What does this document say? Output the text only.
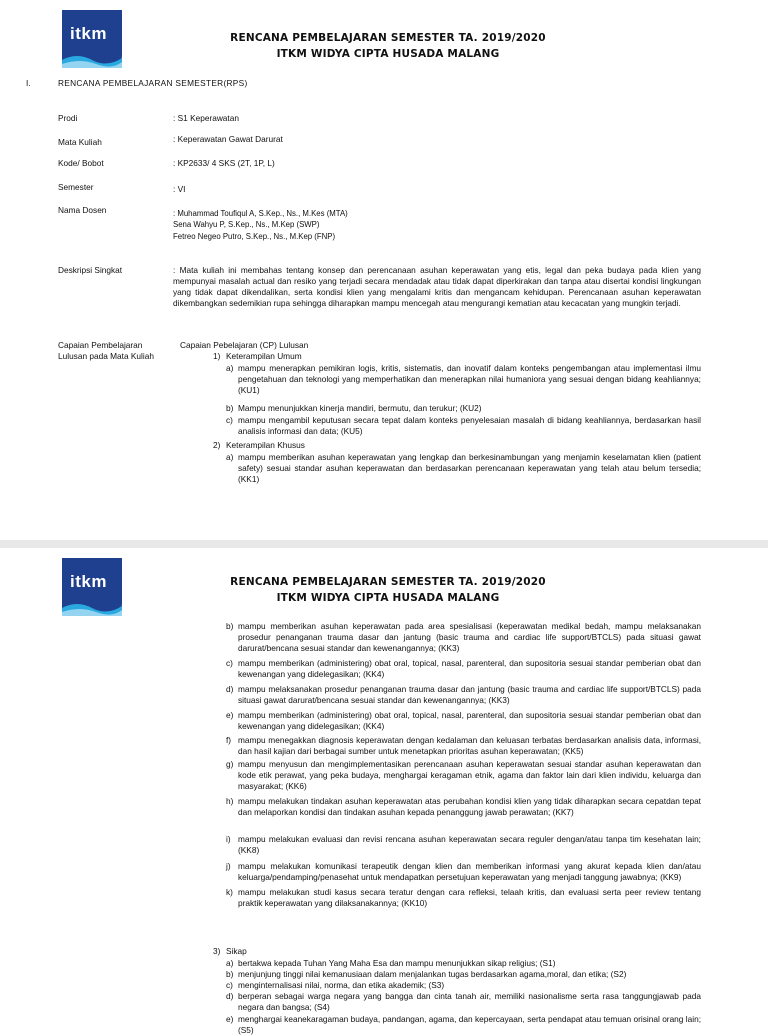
itkm	RENCANA PEMBELAJARAN SEMESTER TA. 2019/2020
ITKM WIDYA CIPTA HUSADA MALANG
I.	RENCANA PEMBELAJARAN SEMESTER(RPS)
Prodi	: S1 Keperawatan
Mata Kuliah	: Keperawatan Gawat Darurat
Kode/ Bobot	: KP2633/ 4 SKS (2T, 1P, L)
Semester	: VI
Nama Dosen	: Muhammad Toufiqul A, S.Kep., Ns., M.Kes (MTA)
Sena Wahyu P, S.Kep., Ns., M.Kep (SWP)
Fetreo Negeo Putro, S.Kep., Ns., M.Kep (FNP)
Deskripsi Singkat	: Mata kuliah ini membahas tentang konsep dan perencanaan asuhan keperawatan yang etis, legal dan peka budaya pada klien yang mempunyai masalah actual dan resiko yang terjadi secara mendadak atau tidak dapat diperkirakan dan tanpa atau disertai kondisi lingkungan yang tidak dapat dikendalikan, serta kondisi klien yang mengalami kritis dan mengancam kehidupan. Perencanaan asuhan keperawatan dikembangkan sedemikian rupa sehingga diharapkan mampu mencegah atau mengurangi kematian atau kecacatan yang mungkin terjadi.
Capaian Pembelajaran
Lulusan pada Mata Kuliah
Capaian Pebelajaran (CP) Lulusan
1) Keterampilan Umum
a) mampu menerapkan pemikiran logis, kritis, sistematis, dan inovatif dalam konteks pengembangan atau implementasi ilmu pengetahuan dan teknologi yang memperhatikan dan menerapkan nilai humaniora yang sesuai dengan bidang keahliannya; (KU1)
b) Mampu menunjukkan kinerja mandiri, bermutu, dan terukur; (KU2)
c) mampu mengambil keputusan secara tepat dalam konteks penyelesaian masalah di bidang keahliannya, berdasarkan hasil analisis informasi dan data; (KU5)
2) Keterampilan Khusus
a) mampu memberikan asuhan keperawatan yang lengkap dan berkesinambungan yang menjamin keselamatan klien (patient safety) sesuai standar asuhan keperawatan dan berdasarkan perencanaan keperawatan yang telah atau belum tersedia; (KK1)
itkm	RENCANA PEMBELAJARAN SEMESTER TA. 2019/2020
ITKM WIDYA CIPTA HUSADA MALANG
b) mampu memberikan asuhan keperawatan pada area spesialisasi (keperawatan medikal bedah, mampu melaksanakan prosedur penanganan trauma dasar dan jantung (basic trauma and cardiac life support/BTCLS) pada situasi gawat darurat/bencana sesuai standar dan kewenangannya; (KK3)
c) mampu memberikan (administering) obat oral, topical, nasal, parenteral, dan supositoria sesuai standar pemberian obat dan kewenangan yang didelegasikan; (KK4)
d) mampu melaksanakan prosedur penanganan trauma dasar dan jantung (basic trauma and cardiac life support/BTCLS) pada situasi gawat darurat/bencana sesuai standar dan kewenangannya; (KK3)
e) mampu memberikan (administering) obat oral, topical, nasal, parenteral, dan supositoria sesuai standar pemberian obat dan kewenangan yang didelegasikan; (KK4)
f) mampu menegakkan diagnosis keperawatan dengan kedalaman dan keluasan terbatas berdasarkan analisis data, informasi, dan hasil kajian dari berbagai sumber untuk menetapkan prioritas asuhan keperawatan; (KK5)
g) mampu menyusun dan mengimplementasikan perencanaan asuhan keperawatan sesuai standar asuhan keperawatan dan kode etik perawat, yang peka budaya, menghargai keragaman etnik, agama dan faktor lain dari klien individu, keluarga dan masyarakat; (KK6)
h) mampu melakukan tindakan asuhan keperawatan atas perubahan kondisi klien yang tidak diharapkan secara cepatdan tepat dan melaporkan kondisi dan tindakan asuhan kepada penanggung jawab perawatan; (KK7)
i) mampu melakukan evaluasi dan revisi rencana asuhan keperawatan secara reguler dengan/atau tanpa tim kesehatan lain; (KK8)
j) mampu melakukan komunikasi terapeutik dengan klien dan memberikan informasi yang akurat kepada klien dan/atau keluarga/pendamping/penasehat untuk mendapatkan persetujuan keperawatan yang menjadi tanggung jawabnya; (KK9)
k) mampu melakukan studi kasus secara teratur dengan cara refleksi, telaah kritis, dan evaluasi serta peer review tentang praktik keperawatan yang dilaksanakannya; (KK10)
3) Sikap
a) bertakwa kepada Tuhan Yang Maha Esa dan mampu menunjukkan sikap religius; (S1)
b) menjunjung tinggi nilai kemanusiaan dalam menjalankan tugas berdasarkan agama,moral, dan etika; (S2)
c) menginternalisasi nilai, norma, dan etika akademik; (S3)
d) berperan sebagai warga negara yang bangga dan cinta tanah air, memiliki nasionalisme serta rasa tanggungjawab pada negara dan bangsa; (S4)
e) menghargai keanekaragaman budaya, pandangan, agama, dan kepercayaan, serta pendapat atau temuan orisinal orang lain; (S5)
